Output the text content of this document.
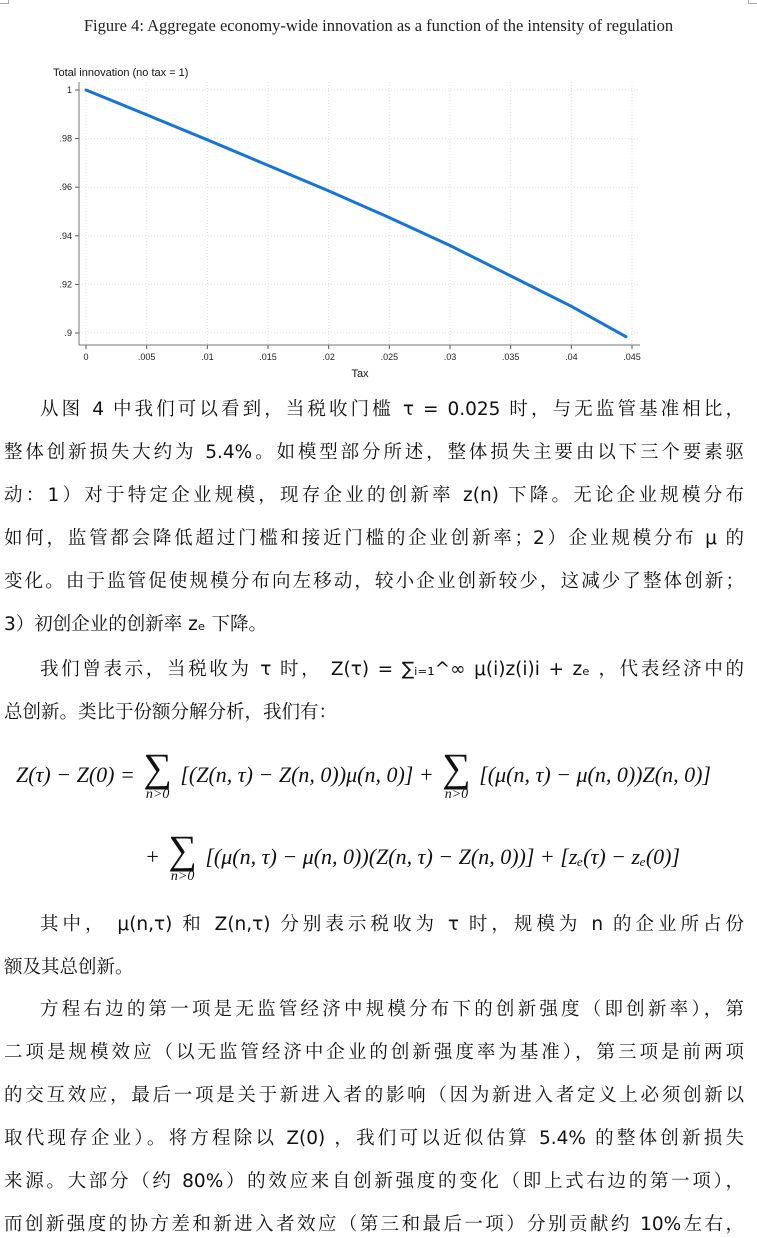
Figure 4: Aggregate economy-wide innovation as a function of the intensity of regulation
1
.98
.96
.94
.92
.9
0	.005	.01	.015	.02	.025	.03	.035	.04	.045
Total innovation (no tax = 1)
Tax
从图 4 中我们可以看到，当税收门槛 τ = 0.025 时，与无监管基准相比，
整体创新损失大约为 5.4%。如模型部分所述，整体损失主要由以下三个要素驱
动：1）对于特定企业规模，现存企业的创新率 z(n) 下降。无论企业规模分布
如何，监管都会降低超过门槛和接近门槛的企业创新率；2）企业规模分布 μ 的
变化。由于监管促使规模分布向左移动，较小企业创新较少，这减少了整体创新；
3）初创企业的创新率 zₑ 下降。
我们曾表示，当税收为 τ 时， Z(τ) = ∑ᵢ₌₁^∞ μ(i)z(i)i + zₑ ，代表经济中的
总创新。类比于份额分解分析，我们有：
Z(τ) − Z(0) = ∑
n>0
[(Z(n, τ) − Z(n, 0))μ(n, 0)] + ∑
n>0
[(μ(n, τ) − μ(n, 0))Z(n, 0)]
+ ∑
n>0
[(μ(n, τ) − μ(n, 0))(Z(n, τ) − Z(n, 0))] + [zₑ(τ) − zₑ(0)]
其中， μ(n,τ) 和 Z(n,τ) 分别表示税收为 τ 时，规模为 n 的企业所占份
额及其总创新。
方程右边的第一项是无监管经济中规模分布下的创新强度（即创新率），第
二项是规模效应（以无监管经济中企业的创新强度率为基准），第三项是前两项
的交互效应，最后一项是关于新进入者的影响（因为新进入者定义上必须创新以
取代现存企业）。将方程除以 Z(0) ，我们可以近似估算 5.4% 的整体创新损失
来源。大部分（约 80%）的效应来自创新强度的变化（即上式右边的第一项），
而创新强度的协方差和新进入者效应（第三和最后一项）分别贡献约 10%左右，
